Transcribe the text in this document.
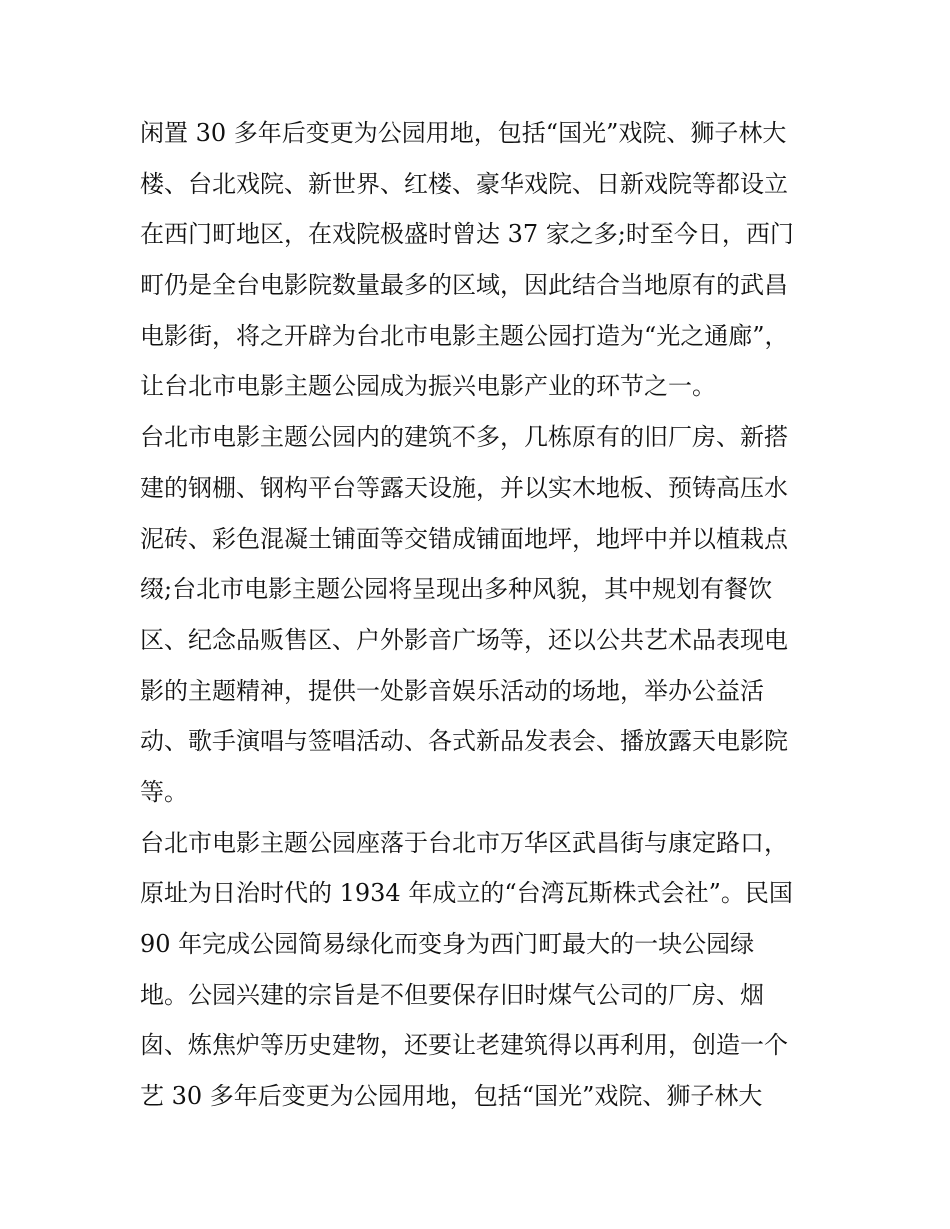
闲置 30 多年后变更为公园用地，包括“国光”戏院、狮子林大
楼、台北戏院、新世界、红楼、豪华戏院、日新戏院等都设立
在西门町地区，在戏院极盛时曾达 37 家之多;时至今日，西门
町仍是全台电影院数量最多的区域，因此结合当地原有的武昌
电影街，将之开辟为台北市电影主题公园打造为“光之通廊”，
让台北市电影主题公园成为振兴电影产业的环节之一。
台北市电影主题公园内的建筑不多，几栋原有的旧厂房、新搭
建的钢棚、钢构平台等露天设施，并以实木地板、预铸高压水
泥砖、彩色混凝土铺面等交错成铺面地坪，地坪中并以植栽点
缀;台北市电影主题公园将呈现出多种风貌，其中规划有餐饮
区、纪念品贩售区、户外影音广场等，还以公共艺术品表现电
影的主题精神，提供一处影音娱乐活动的场地，举办公益活
动、歌手演唱与签唱活动、各式新品发表会、播放露天电影院
等。
台北市电影主题公园座落于台北市万华区武昌街与康定路口，
原址为日治时代的 1934 年成立的“台湾瓦斯株式会社”。民国
90 年完成公园简易绿化而变身为西门町最大的一块公园绿
地。公园兴建的宗旨是不但要保存旧时煤气公司的厂房、烟
囱、炼焦炉等历史建物，还要让老建筑得以再利用，创造一个
艺 30 多年后变更为公园用地，包括“国光”戏院、狮子林大
